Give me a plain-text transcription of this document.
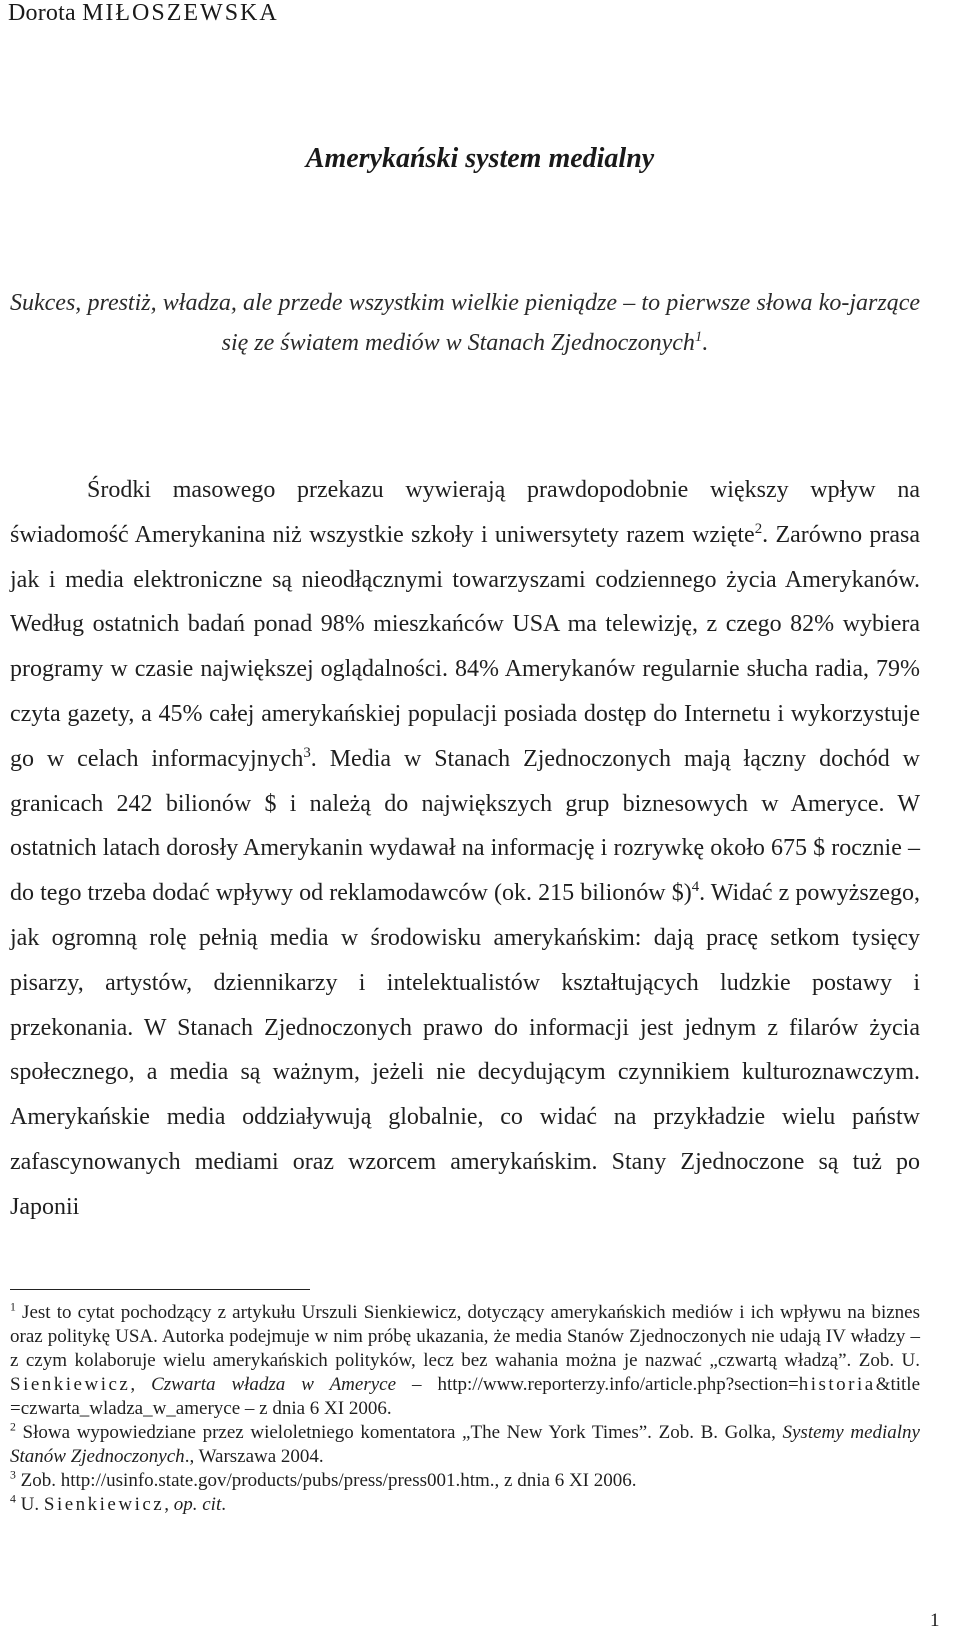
Dorota MIŁOSZEWSKA
Amerykański system medialny
Sukces, prestiż, władza, ale przede wszystkim wielkie pieniądze – to pierwsze słowa ko-jarzące się ze światem mediów w Stanach Zjednoczonych$^1$.
Środki masowego przekazu wywierają prawdopodobnie większy wpływ na świadomość Amerykanina niż wszystkie szkoły i uniwersytety razem wzięte$^2$. Zarówno prasa jak i media elektroniczne są nieodłącznymi towarzyszami codziennego życia Amerykanów. Według ostatnich badań ponad 98% mieszkańców USA ma telewizję, z czego 82% wybiera programy w czasie największej oglądalności. 84% Amerykanów regularnie słucha radia, 79% czyta gazety, a 45% całej amerykańskiej populacji posiada dostęp do Internetu i wykorzystuje go w celach informacyjnych$^3$. Media w Stanach Zjednoczonych mają łączny dochód w granicach 242 bilionów $ i należą do największych grup biznesowych w Ameryce. W ostatnich latach dorosły Amerykanin wydawał na informację i rozrywkę około 675 $ rocznie – do tego trzeba dodać wpływy od reklamodawców (ok. 215 bilionów $)$^4$. Widać z powyższego, jak ogromną rolę pełnią media w środowisku amerykańskim: dają pracę setkom tysięcy pisarzy, artystów, dziennikarzy i intelektualistów kształtujących ludzkie postawy i przekonania. W Stanach Zjednoczonych prawo do informacji jest jednym z filarów życia społecznego, a media są ważnym, jeżeli nie decydującym czynnikiem kulturoznawczym. Amerykańskie media oddziaływują globalnie, co widać na przykładzie wielu państw zafascynowanych mediami oraz wzorcem amerykańskim. Stany Zjednoczone są tuż po Japonii

$^1$ Jest to cytat pochodzący z artykułu Urszuli Sienkiewicz, dotyczący amerykańskich mediów i ich wpływu na biznes oraz politykę USA. Autorka podejmuje w nim próbę ukazania, że media Stanów Zjednoczonych nie udają IV władzy – z czym kolaboruje wielu amerykańskich polityków, lecz bez wahania można je nazwać „czwartą władzą”. Zob. U. Sienkiewicz, Czwarta władza w Ameryce – http://www.reporterzy.info/article.php?section=historia&title =czwarta_wladza_w_ameryce – z dnia 6 XI 2006.

$^2$ Słowa wypowiedziane przez wieloletniego komentatora „The New York Times”. Zob. B. Golka, Systemy medialny Stanów Zjednoczonych., Warszawa 2004.

$^3$ Zob. http://usinfo.state.gov/products/pubs/press/press001.htm., z dnia 6 XI 2006.

$^4$ U. Sienkiewicz, op. cit.

1
